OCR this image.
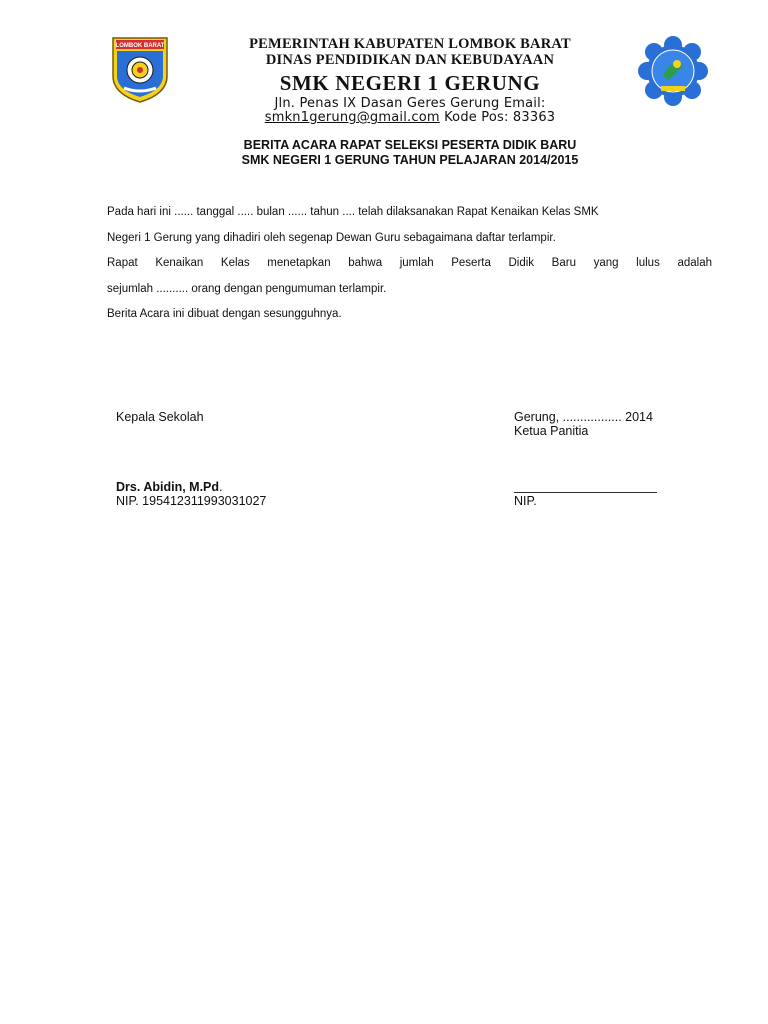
LOMBOK BARAT	PEMERINTAH KABUPATEN LOMBOK BARAT
DINAS PENDIDIKAN DAN KEBUDAYAAN
SMK NEGERI 1 GERUNG
Jln. Penas IX Dasan Geres Gerung Email:
smkn1gerung@gmail.com Kode Pos: 83363
BERITA ACARA RAPAT SELEKSI PESERTA DIDIK BARU
SMK NEGERI 1 GERUNG TAHUN PELAJARAN 2014/2015
Pada hari ini ...... tanggal ..... bulan ...... tahun .... telah dilaksanakan Rapat Kenaikan Kelas SMK
Negeri 1 Gerung yang dihadiri oleh segenap Dewan Guru sebagaimana daftar terlampir.
Rapat Kenaikan Kelas menetapkan bahwa jumlah Peserta Didik Baru yang lulus adalah
sejumlah .......... orang dengan pengumuman terlampir.
Berita Acara ini dibuat dengan sesungguhnya.
Kepala Sekolah
Drs. Abidin, M.Pd.
NIP. 195412311993031027
Gerung, ................. 2014
Ketua Panitia
NIP.
